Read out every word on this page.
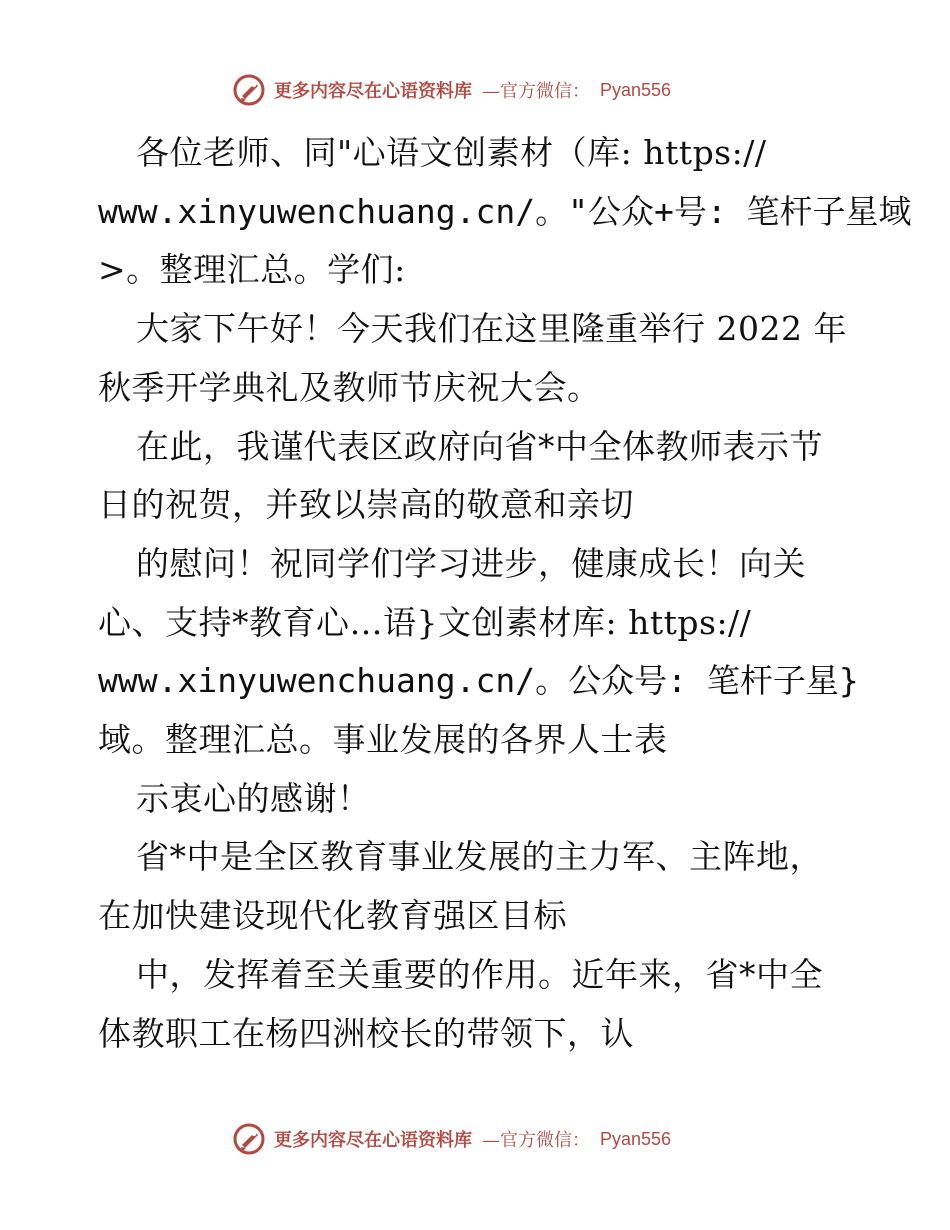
更多内容尽在心语资料库 —官方微信： Pyan556
各位老师、同"心语文创素材（库: https://
www.xinyuwenchuang.cn/。"公众+号: 笔杆子星域
>。整理汇总。学们:
大家下午好！今天我们在这里隆重举行 2022 年
秋季开学典礼及教师节庆祝大会。
在此，我谨代表区政府向省*中全体教师表示节
日的祝贺，并致以崇高的敬意和亲切
的慰问！祝同学们学习进步，健康成长！向关
心、支持*教育心…语}文创素材库: https://
www.xinyuwenchuang.cn/。公众号: 笔杆子星}
域。整理汇总。事业发展的各界人士表
示衷心的感谢！
省*中是全区教育事业发展的主力军、主阵地，
在加快建设现代化教育强区目标
中，发挥着至关重要的作用。近年来，省*中全
体教职工在杨四洲校长的带领下，认
更多内容尽在心语资料库 —官方微信： Pyan556
